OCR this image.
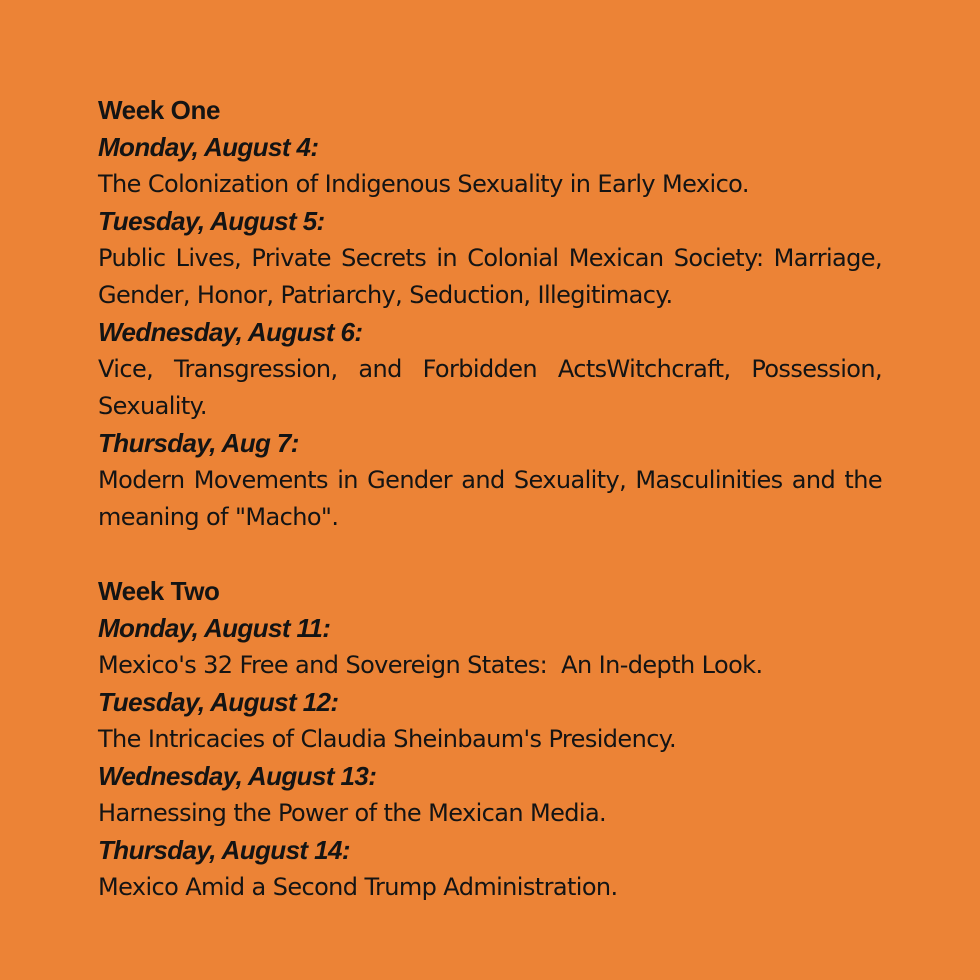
Week One
Monday, August 4:
The Colonization of Indigenous Sexuality in Early Mexico.
Tuesday, August 5:
Public Lives, Private Secrets in Colonial Mexican Society: Marriage, Gender, Honor, Patriarchy, Seduction, Illegitimacy.
Wednesday, August 6:
Vice, Transgression, and Forbidden ActsWitchcraft, Possession, Sexuality.
Thursday, Aug 7:
Modern Movements in Gender and Sexuality, Masculinities and the meaning of "Macho".
Week Two
Monday, August 11:
Mexico's 32 Free and Sovereign States:  An In-depth Look.
Tuesday, August 12:
The Intricacies of Claudia Sheinbaum's Presidency.
Wednesday, August 13:
Harnessing the Power of the Mexican Media.
Thursday, August 14:
Mexico Amid a Second Trump Administration.
